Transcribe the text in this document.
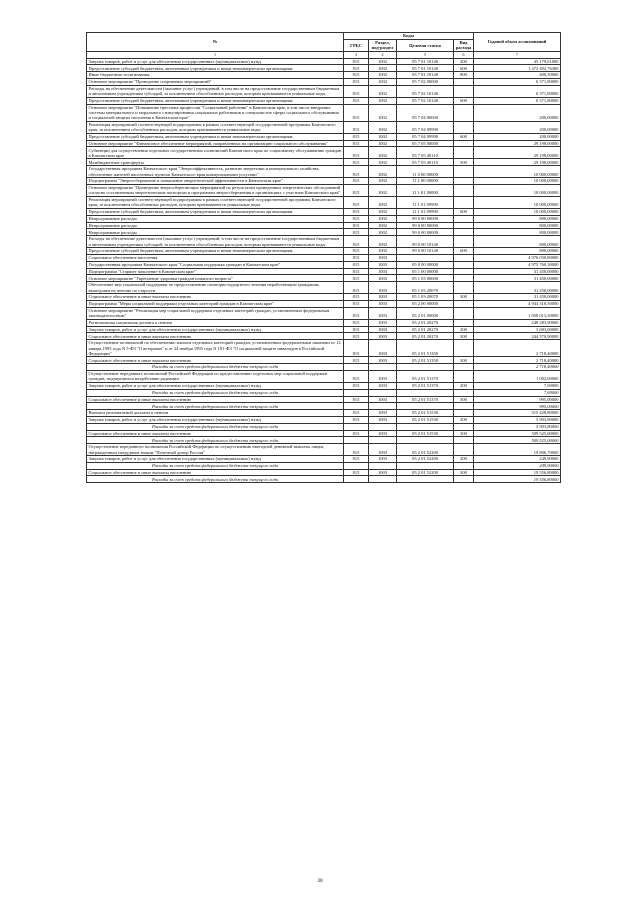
№	Коды				Годовой объем ассигнований
	ГРБС	Раздел, под-раздел	Целевая статья	Вид расхода	
1	3	4	5	6	7
Закупка товаров, работ и услуг для обеспечения государственных (муниципальных) нужд	815	1002	05 7 01 10140	200	45 179,61000
Предоставление субсидий бюджетным, автономным учреждениям и иным некоммерческим организациям	815	1002	05 7 01 10140	600	1 472 492,76300
Иные бюджетные ассигнования	815	1002	05 7 01 10140	800	400,50000
Основное мероприятие "Проведение спортивных мероприятий"	815	1002	05 7 02 00000		6 371,80000
Расходы на обеспечение деятельности (оказание услуг) учреждений, в том числе на предоставление государственным бюджетным и автономным учреждениям субсидий, за исключением обособленных расходов, которым присваиваются уникальные коды	815	1002	05 7 02 10140		6 371,80000
Предоставление субсидий бюджетным, автономным учреждениям и иным некоммерческим организациям	815	1002	05 7 02 10140	600	6 371,80000
Основное мероприятие "Повышение престижа профессии "Социальный работник" в Камчатском крае, в том числе внедрение системы материального и морального стимулирования социальных работников и специалистов сферы социального обслуживания и социальной защиты населения в Камчатском крае"	815	1002	05 7 04 00000		200,00000
Реализация мероприятий соответствующей подпрограммы в рамках соответствующей государственной программы Камчатского края, за исключением обособленных расходов, которым присваиваются уникальные коды	815	1002	05 7 04 09990		200,00000
Предоставление субсидий бюджетным, автономным учреждениям и иным некоммерческим организациям	815	1002	05 7 04 09990	600	200,00000
Основное мероприятие "Финансовое обеспечение мероприятий, направленных на организацию социального обслуживания"	815	1002	05 7 05 00000		29 198,00000
Субвенции для осуществления отдельных государственных полномочий Камчатского края по социальному обслуживанию граждан в Камчатском крае	815	1002	05 7 05 40110		29 198,00000
Межбюджетные трансферты	815	1002	05 7 05 40110	500	29 198,00000
Государственная программа Камчатского края "Энергоэффективность, развитие энергетики и коммунального хозяйства, обеспечение жителей населенных пунктов Камчатского края коммунальными услугами"	815	1002	11 0 00 00000		10 000,00000
Подпрограмма "Энергосбережение и повышение энергетической эффективности в Камчатском крае"	815	1002	11 1 00 00000		10 000,00000
Основное мероприятие "Проведение энергосберегающих мероприятий по результатам проведенных энергетических обследований согласно составленным энергетическим паспортам и программам энергосбережения в организациях с участием Камчатского края"	815	1002	11 1 01 00000		10 000,00000
Реализация мероприятий соответствующей подпрограммы в рамках соответствующей государственной программы Камчатского края, за исключением обособленных расходов, которым присваиваются уникальные коды	815	1002	11 1 01 09990		10 000,00000
Предоставление субсидий бюджетным, автономным учреждениям и иным некоммерческим организациям	815	1002	11 1 01 09990	600	10 000,00000
Непрограммные расходы	815	1002	99 0 00 00000		800,00000
Непрограммные расходы	815	1002	99 0 00 00000		800,00000
Непрограммные расходы	815	1002	99 0 00 00000		800,00000
Расходы на обеспечение деятельности (оказание услуг) учреждений, в том числе на предоставление государственным бюджетным и автономным учреждениям субсидий, за исключением обособленных расходов, которым присваиваются уникальные коды	815	1002	99 0 00 10140		800,00000
Предоставление субсидий бюджетным, автономным учреждениям и иным некоммерческим организациям	815	1002	99 0 00 10140	600	800,00000
Социальное обеспечение населения	815	1003			4 976 030,80000
Государственная программа Камчатского края "Социальная поддержка граждан в Камчатском крае"	815	1003	05 0 00 00000		4 975 760,30000
Подпрограмма "Старшее поколение в Камчатском крае"	815	1003	05 1 00 00000		31 450,00000
Основное мероприятие "Укрепление здоровья граждан пожилого возраста"	815	1003	05 1 03 00000		31 450,00000
Обеспечение мер социальной поддержки по предоставлению санаторно-курортного лечения неработающим гражданам, вышедшим на пенсию по старости	815	1003	05 1 03 20070		31 450,00000
Социальное обеспечение и иные выплаты населению	815	1003	05 1 03 20070	300	31 450,00000
Подпрограмма "Меры социальной поддержки отдельных категорий граждан в Камчатском крае"	815	1003	05 2 00 00000		4 944 310,30000
Основное мероприятие "Реализация мер социальной поддержки отдельных категорий граждан, установленных федеральным законодательством"	815	1003	05 2 01 00000		1 058 013,30000
Региональная социальная доплата к пенсии	815	1003	05 2 01 20270		248 283,90000
Закупка товаров, работ и услуг для обеспечения государственных (муниципальных) нужд	815	1003	05 2 01 20270	200	3 683,00000
Социальное обеспечение и иные выплаты населению	815	1003	05 2 01 20270	300	244 570,90000
Осуществление полномочий по обеспечению жильем отдельных категорий граждан, установленных федеральными законами от 12 января 1995 года N 5-ФЗ "О ветеранах" и от 24 ноября 1995 года N 181-ФЗ "О социальной защите инвалидов в Российской Федерации"	815	1003	05 2 01 51350		2 718,40000
Социальное обеспечение и иные выплаты населению	815	1003	05 2 01 51350	300	2 718,40000
Расходы за счет средств федерального бюджета текущего года					2 718,40000
Осуществление переданных полномочий Российской Федерации по предоставлению отдельных мер социальной поддержки граждан, подвергшихся воздействию радиации	815	1003	05 2 01 51370		1 002,69000
Закупка товаров, работ и услуг для обеспечения государственных (муниципальных) нужд	815	1003	05 2 01 51370	200	7,69000
Расходы за счет средств федерального бюджета текущего года					7,69000
Социальное обеспечение и иные выплаты населению	815	1003	05 2 01 51370	300	995,00000
Расходы за счет средств федерального бюджета текущего года					995,00000
Выплата региональной доплаты к пенсии	815	1003	05 2 01 51530		515 428,80000
Закупка товаров, работ и услуг для обеспечения государственных (муниципальных) нужд	815	1003	05 2 01 51530	200	5 903,80000
Расходы за счет средств федерального бюджета текущего года					5 903,80000
Социальное обеспечение и иные выплаты населению	815	1003	05 2 01 51530	300	509 525,00000
Расходы за счет средств федерального бюджета текущего года					509 525,00000
Осуществление переданного полномочия Российской Федерации по осуществлению ежегодной денежной выплаты лицам, награжденным нагрудным знаком "Почетный донор России"	815	1003	05 2 01 52200		19 806,70000
Закупка товаров, работ и услуг для обеспечения государственных (муниципальных) нужд	815	1003	05 2 01 52200	200	249,90000
Расходы за счет средств федерального бюджета текущего года					249,90000
Социальное обеспечение и иные выплаты населению	815	1003	05 2 01 52200	300	19 556,80000
Расходы за счет средств федерального бюджета текущего года					19 556,80000
38
